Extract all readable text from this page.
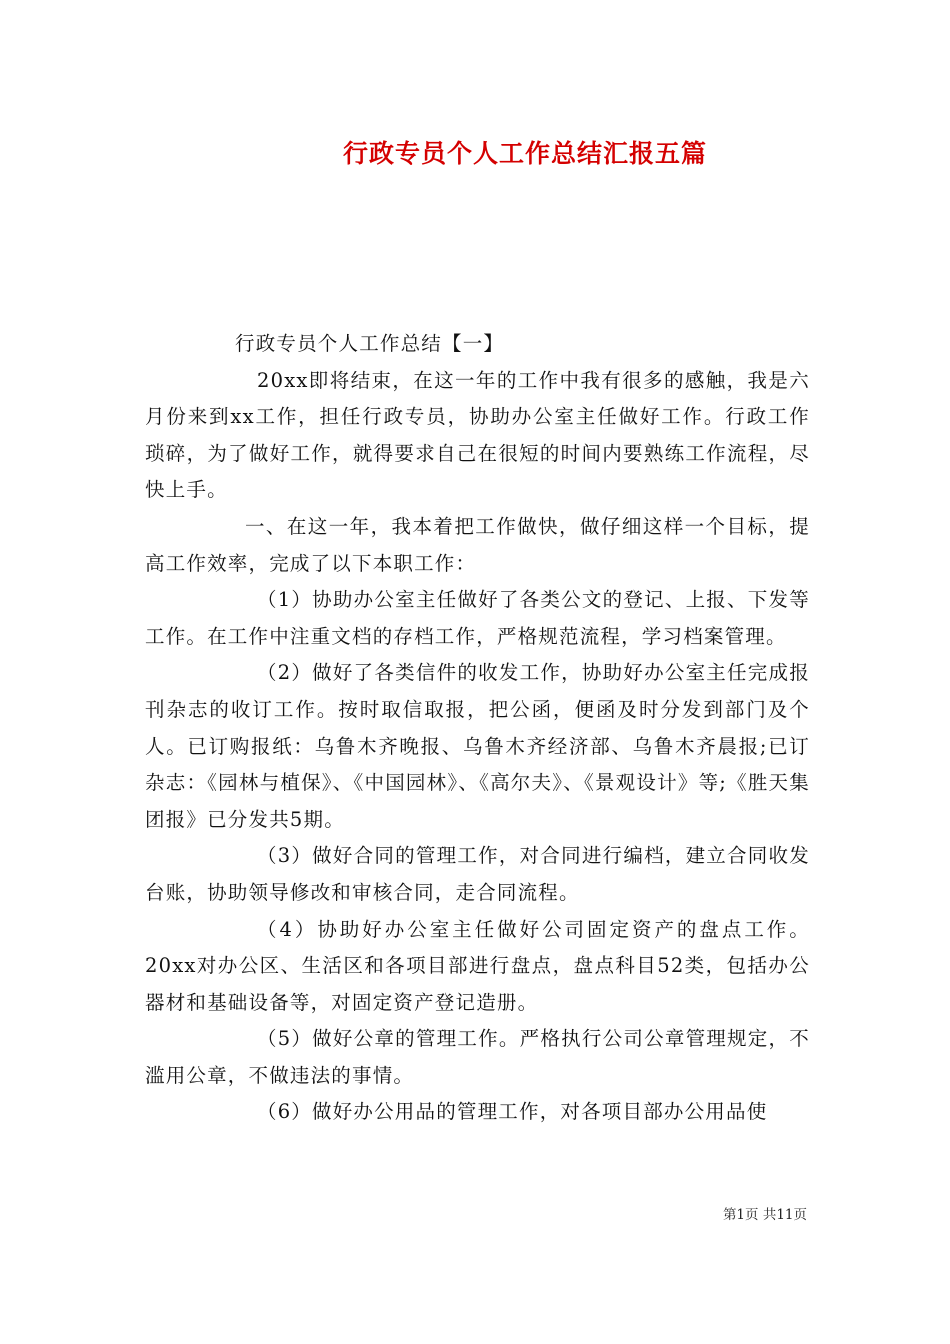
行政专员个人工作总结汇报五篇

行政专员个人工作总结【一】

20xx即将结束，在这一年的工作中我有很多的感触，我是六月份来到xx工作，担任行政专员，协助办公室主任做好工作。行政工作琐碎，为了做好工作，就得要求自己在很短的时间内要熟练工作流程，尽快上手。

一、在这一年，我本着把工作做快，做仔细这样一个目标，提高工作效率，完成了以下本职工作：

（1）协助办公室主任做好了各类公文的登记、上报、下发等工作。在工作中注重文档的存档工作，严格规范流程，学习档案管理。

（2）做好了各类信件的收发工作，协助好办公室主任完成报刊杂志的收订工作。按时取信取报，把公函，便函及时分发到部门及个人。已订购报纸：乌鲁木齐晚报、乌鲁木齐经济部、乌鲁木齐晨报;已订杂志：《园林与植保》、《中国园林》、《高尔夫》、《景观设计》等;《胜天集团报》已分发共5期。

（3）做好合同的管理工作，对合同进行编档，建立合同收发台账，协助领导修改和审核合同，走合同流程。

（4）协助好办公室主任做好公司固定资产的盘点工作。20xx对办公区、生活区和各项目部进行盘点，盘点科目52类，包括办公器材和基础设备等，对固定资产登记造册。

（5）做好公章的管理工作。严格执行公司公章管理规定，不滥用公章，不做违法的事情。

（6）做好办公用品的管理工作，对各项目部办公用品使

第1页 共11页
